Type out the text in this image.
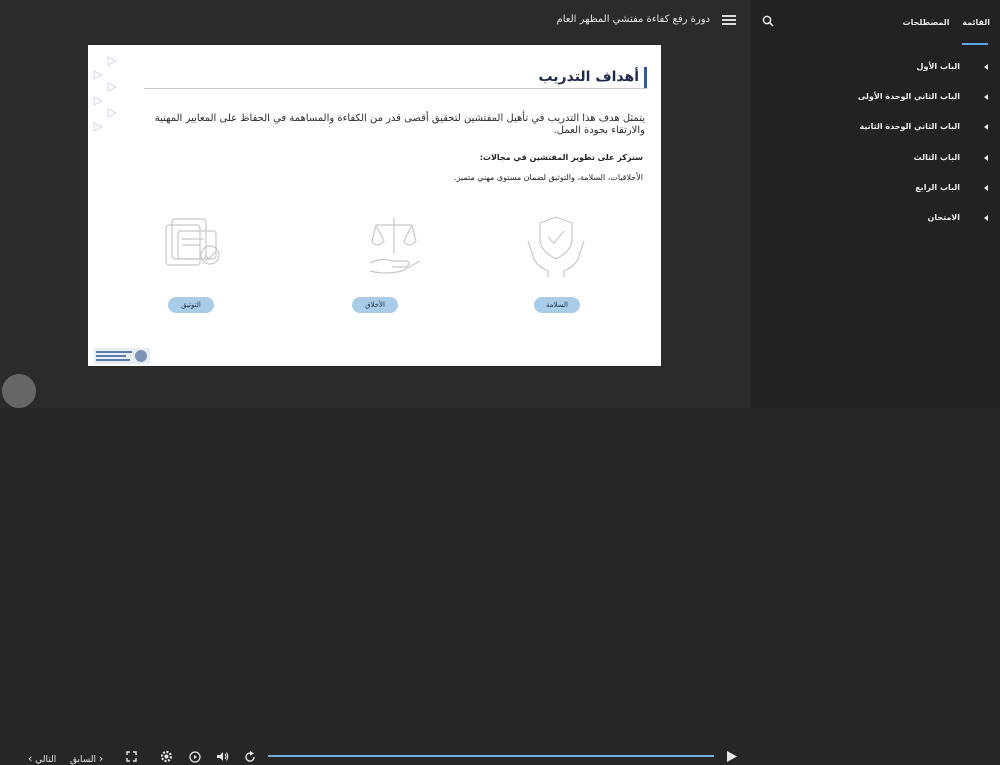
دورة رفع كفاءة مفتشي المظهر العام
أهداف التدريب
يتمثل هدف هذا التدريب في تأهيل المفتشين لتحقيق أقصى قدر من الكفاءة والمساهمة في الحفاظ على المعايير المهنية والارتقاء بجودة العمل.
سنركز على تطوير المفتشين في مجالات:
الأخلاقيات، السلامة، والتوثيق لضمان مستوى مهني متميز.
التوثيق	الأخلاق	السلامة
‹ التالي السابق ›
القائمة المصطلحات
الباب الأول
الباب الثاني الوحدة الأولى
الباب الثاني الوحدة الثانية
الباب الثالث
الباب الرابع
الامتحان
